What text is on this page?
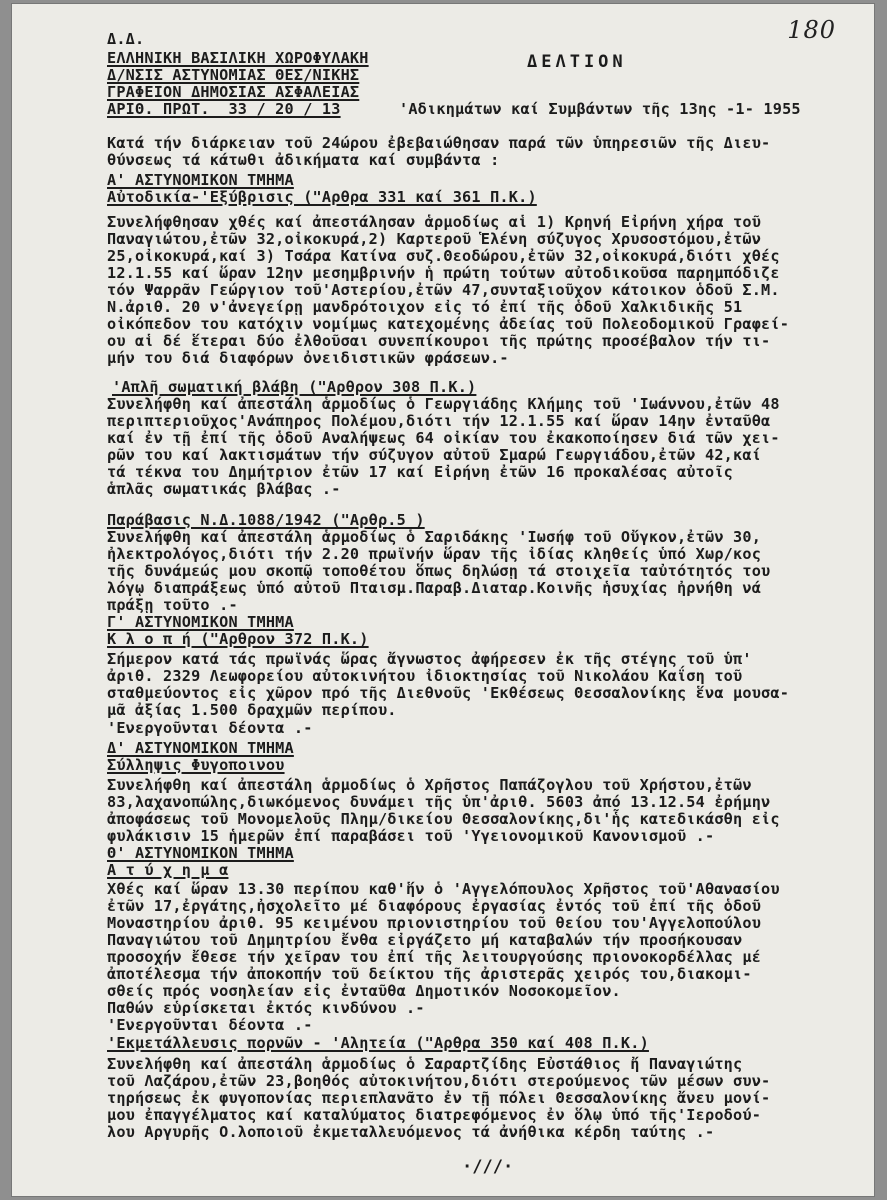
180
Δ.Δ.
ΕΛΛΗΝΙΚΗ ΒΑΣΙΛΙΚΗ ΧΩΡΟΦΥΛΑΚΗ
Δ/ΝΣΙΣ ΑΣΤΥΝΟΜΙΑΣ ΘΕΣ/ΝΙΚΗΣ
ΓΡΑΦΕΙΟΝ ΔΗΜΟΣΙΑΣ ΑΣΦΑΛΕΙΑΣ
ΑΡΙΘ. ΠΡΩΤ.  33 / 20 / 13
ΔΕΛΤΙΟΝ
'Αδικημάτων καί Συμβάντων τῆς 13ης -1- 1955
Κατά τήν διάρκειαν τοῦ 24ώρου ἐβεβαιώθησαν παρά τῶν ὑπηρεσιῶν τῆς Διευ-
θύνσεως τά κάτωθι ἀδικήματα καί συμβάντα :
Α' ΑΣΤΥΝΟΜΙΚΟΝ ΤΜΗΜΑ
Αὐτοδικία-'Εξύβρισις ("Αρθρα 331 καί 361 Π.Κ.)
Συνελήφθησαν χθές καί ἀπεστάλησαν ἁρμοδίως αἱ 1) Κρηνή Εἰρήνη χήρα τοῦ
Παναγιώτου,ἐτῶν 32,οἰκοκυρά,2) Καρτεροῦ Ἑλένη σύζυγος Χρυσοστόμου,ἐτῶν
25,οἰκοκυρά,καί 3) Τσάρα Κατίνα συζ.Θεοδώρου,ἐτῶν 32,οἰκοκυρά,διότι χθές
12.1.55 καί ὥραν 12ην μεσημβρινήν ἡ πρώτη τούτων αὐτοδικοῦσα παρημπόδιζε
τόν Ψαρρᾶν Γεώργιον τοῦ'Αστερίου,ἐτῶν 47,συνταξιοῦχον κάτοικον ὁδοῦ Σ.Μ.
Ν.ἀριθ. 20 ν'ἀνεγείρῃ μανδρότοιχον εἰς τό ἐπί τῆς ὁδοῦ Χαλκιδικῆς 51
οἰκόπεδον του κατόχιν νομίμως κατεχομένης ἀδείας τοῦ Πολεοδομικοῦ Γραφεί-
ου αἱ δέ ἕτεραι δύο ἐλθοῦσαι συνεπίκουροι τῆς πρώτης προσέβαλον τήν τι-
μήν του διά διαφόρων ὀνειδιστικῶν φράσεων.-
'Απλῆ σωματική βλάβη ("Αρθρον 308 Π.Κ.)
Συνελήφθη καί ἀπεστάλη ἁρμοδίως ὁ Γεωργιάδης Κλήμης τοῦ 'Ιωάννου,ἐτῶν 48
περιπτεριοῦχος'Ανάπηρος Πολέμου,διότι τήν 12.1.55 καί ὥραν 14ην ἐνταῦθα
καί ἐν τῇ ἐπί τῆς ὁδοῦ Αναλήψεως 64 οἰκίαν του ἐκακοποίησεν διά τῶν χει-
ρῶν του καί λακτισμάτων τήν σύζυγον αὐτοῦ Σμαρώ Γεωργιάδου,ἐτῶν 42,καί
τά τέκνα του Δημήτριον ἐτῶν 17 καί Εἰρήνη ἐτῶν 16 προκαλέσας αὐτοῖς
ἁπλᾶς σωματικάς βλάβας .-
Παράβασις Ν.Δ.1088/1942 ("Αρθρ.5 )
Συνελήφθη καί ἀπεστάλη ἁρμοδίως ὁ Σαριδάκης 'Ιωσήφ τοῦ Οὔγκον,ἐτῶν 30,
ἠλεκτρολόγος,διότι τήν 2.20 πρωϊνήν ὥραν τῆς ἰδίας κληθείς ὑπό Χωρ/κος
τῆς δυνάμεώς μου σκοπῷ τοποθέτου ὅπως δηλώσῃ τά στοιχεῖα ταὐτότητός του
λόγῳ διαπράξεως ὑπό αὐτοῦ Πταισμ.Παραβ.Διαταρ.Κοινῆς ἡσυχίας ἠρνήθη νά
πράξῃ τοῦτο .-
Γ' ΑΣΤΥΝΟΜΙΚΟΝ ΤΜΗΜΑ
Κ λ ο π ή ("Αρθρον 372 Π.Κ.)
Σήμερον κατά τάς πρωϊνάς ὥρας ἄγνωστος ἀφήρεσεν ἐκ τῆς στέγης τοῦ ὑπ'
ἀριθ. 2329 Λεωφορείου αὐτοκινήτου ἰδιοκτησίας τοῦ Νικολάου Καΐση τοῦ
σταθμεύοντος εἰς χῶρον πρό τῆς Διεθνοῦς 'Εκθέσεως Θεσσαλονίκης ἕνα μουσα-
μᾶ ἀξίας 1.500 δραχμῶν περίπου.
'Ενεργοῦνται δέοντα .-
Δ' ΑΣΤΥΝΟΜΙΚΟΝ ΤΜΗΜΑ
Σύλληψις Φυγοποινου
Συνελήφθη καί ἀπεστάλη ἁρμοδίως ὁ Χρῆστος Παπάζογλου τοῦ Χρήστου,ἐτῶν
83,λαχανοπώλης,διωκόμενος δυνάμει τῆς ὑπ'ἀριθ. 5603 ἀπό 13.12.54 ἐρήμην
ἀποφάσεως τοῦ Μονομελοῦς Πλημ/δικείου Θεσσαλονίκης,δι'ἧς κατεδικάσθη εἰς
φυλάκισιν 15 ἡμερῶν ἐπί παραβάσει τοῦ 'Υγειονομικοῦ Κανονισμοῦ .-
Θ' ΑΣΤΥΝΟΜΙΚΟΝ ΤΜΗΜΑ
Α τ ύ χ η μ α
Χθές καί ὥραν 13.30 περίπου καθ'ἥν ὁ 'Αγγελόπουλος Χρῆστος τοῦ'Αθανασίου
ἐτῶν 17,ἐργάτης,ἠσχολεῖτο μέ διαφόρους ἐργασίας ἐντός τοῦ ἐπί τῆς ὁδοῦ
Μοναστηρίου ἀριθ. 95 κειμένου πριονιστηρίου τοῦ θείου του'Αγγελοπούλου
Παναγιώτου τοῦ Δημητρίου ἔνθα εἰργάζετο μή καταβαλών τήν προσήκουσαν
προσοχήν ἔθεσε τήν χεῖραν του ἐπί τῆς λειτουργούσης πριονοκορδέλλας μέ
ἀποτέλεσμα τήν ἀποκοπήν τοῦ δείκτου τῆς ἀριστερᾶς χειρός του,διακομι-
σθείς πρός νοσηλείαν εἰς ἐνταῦθα Δημοτικόν Νοσοκομεῖον.
Παθών εὑρίσκεται ἐκτός κινδύνου .-
'Ενεργοῦνται δέοντα .-
'Εκμετάλλευσις πορνῶν - 'Αλητεία ("Αρθρα 350 καί 408 Π.Κ.)
Συνελήφθη καί ἀπεστάλη ἁρμοδίως ὁ Σαραρτζίδης Εὐστάθιος ἤ Παναγιώτης
τοῦ Λαζάρου,ἐτῶν 23,βοηθός αὐτοκινήτου,διότι στερούμενος τῶν μέσων συν-
τηρήσεως ἐκ φυγοπονίας περιεπλανᾶτο ἐν τῇ πόλει Θεσσαλονίκης ἄνευ μονί-
μου ἐπαγγέλματος καί καταλύματος διατρεφόμενος ἐν ὅλῳ ὑπό τῆς'Ιεροδού-
λου Αργυρῆς Ο.λοποιοῦ ἐκμεταλλευόμενος τά ἀνήθικα κέρδη ταύτης .-
·///·
